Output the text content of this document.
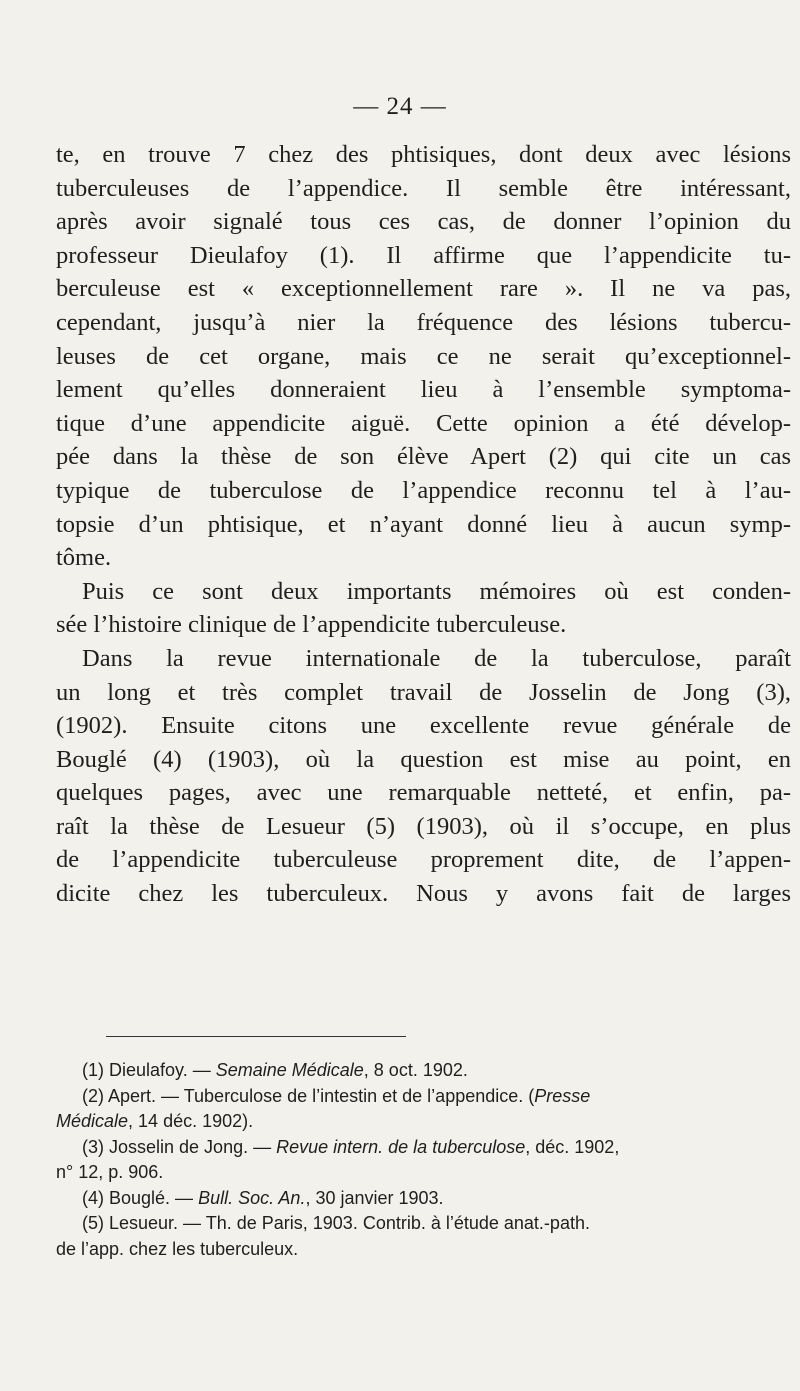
— 24 —
te, en trouve 7 chez des phtisiques, dont deux avec lésions
tuberculeuses de l’appendice. Il semble être intéressant,
après avoir signalé tous ces cas, de donner l’opinion du
professeur Dieulafoy (1). Il affirme que l’appendicite tu-
berculeuse est « exceptionnellement rare ». Il ne va pas,
cependant, jusqu’à nier la fréquence des lésions tubercu-
leuses de cet organe, mais ce ne serait qu’exceptionnel-
lement qu’elles donneraient lieu à l’ensemble symptoma-
tique d’une appendicite aiguë. Cette opinion a été dévelop-
pée dans la thèse de son élève Apert (2) qui cite un cas
typique de tuberculose de l’appendice reconnu tel à l’au-
topsie d’un phtisique, et n’ayant donné lieu à aucun symp-
tôme.
Puis ce sont deux importants mémoires où est conden-
sée l’histoire clinique de l’appendicite tuberculeuse.
Dans la revue internationale de la tuberculose, paraît
un long et très complet travail de Josselin de Jong (3),
(1902). Ensuite citons une excellente revue générale de
Bouglé (4) (1903), où la question est mise au point, en
quelques pages, avec une remarquable netteté, et enfin, pa-
raît la thèse de Lesueur (5) (1903), où il s’occupe, en plus
de l’appendicite tuberculeuse proprement dite, de l’appen-
dicite chez les tuberculeux. Nous y avons fait de larges
(1) Dieulafoy. — Semaine Médicale, 8 oct. 1902.
(2) Apert. — Tuberculose de l’intestin et de l’appendice. (Presse
Médicale, 14 déc. 1902).
(3) Josselin de Jong. — Revue intern. de la tuberculose, déc. 1902,
n° 12, p. 906.
(4) Bouglé. — Bull. Soc. An., 30 janvier 1903.
(5) Lesueur. — Th. de Paris, 1903. Contrib. à l’étude anat.-path.
de l’app. chez les tuberculeux.
